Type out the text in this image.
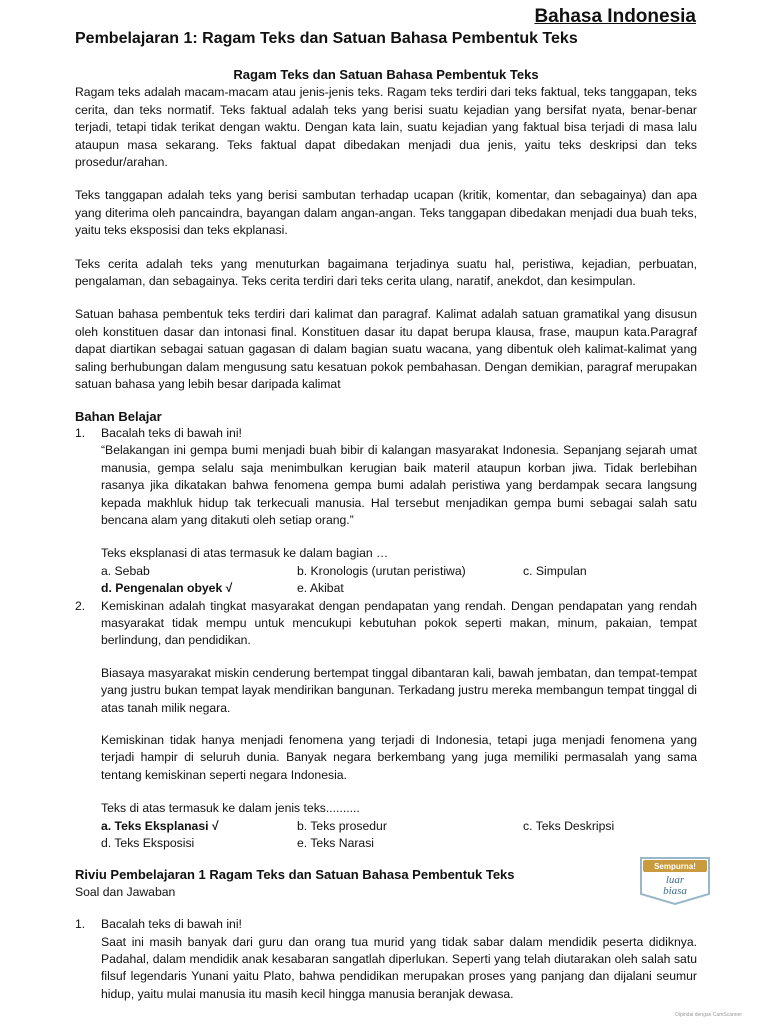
Bahasa Indonesia
Pembelajaran 1: Ragam Teks dan Satuan Bahasa Pembentuk Teks
Ragam Teks dan Satuan Bahasa Pembentuk Teks

Ragam teks adalah macam-macam atau jenis-jenis teks. Ragam teks terdiri dari teks faktual, teks tanggapan, teks cerita, dan teks normatif. Teks faktual adalah teks yang berisi suatu kejadian yang bersifat nyata, benar-benar terjadi, tetapi tidak terikat dengan waktu. Dengan kata lain, suatu kejadian yang faktual bisa terjadi di masa lalu ataupun masa sekarang. Teks faktual dapat dibedakan menjadi dua jenis, yaitu teks deskripsi dan teks prosedur/arahan.

Teks tanggapan adalah teks yang berisi sambutan terhadap ucapan (kritik, komentar, dan sebagainya) dan apa yang diterima oleh pancaindra, bayangan dalam angan-angan. Teks tanggapan dibedakan menjadi dua buah teks, yaitu teks eksposisi dan teks ekplanasi.

Teks cerita adalah teks yang menuturkan bagaimana terjadinya suatu hal, peristiwa, kejadian, perbuatan, pengalaman, dan sebagainya. Teks cerita terdiri dari teks cerita ulang, naratif, anekdot, dan kesimpulan.

Satuan bahasa pembentuk teks terdiri dari kalimat dan paragraf. Kalimat adalah satuan gramatikal yang disusun oleh konstituen dasar dan intonasi final. Konstituen dasar itu dapat berupa klausa, frase, maupun kata.Paragraf dapat diartikan sebagai satuan gagasan di dalam bagian suatu wacana, yang dibentuk oleh kalimat-kalimat yang saling berhubungan dalam mengusung satu kesatuan pokok pembahasan. Dengan demikian, paragraf merupakan satuan bahasa yang lebih besar daripada kalimat

Bahan Belajar
1. Bacalah teks di bawah ini!

“Belakangan ini gempa bumi menjadi buah bibir di kalangan masyarakat Indonesia. Sepanjang sejarah umat manusia, gempa selalu saja menimbulkan kerugian baik materil ataupun korban jiwa. Tidak berlebihan rasanya jika dikatakan bahwa fenomena gempa bumi adalah peristiwa yang berdampak secara langsung kepada makhluk hidup tak terkecuali manusia. Hal tersebut menjadikan gempa bumi sebagai salah satu bencana alam yang ditakuti oleh setiap orang.”

Teks eksplanasi di atas termasuk ke dalam bagian …

a. Sebab	b. Kronologis (urutan peristiwa)	c. Simpulan
d. Pengenalan obyek √	e. Akibat
2. Kemiskinan adalah tingkat masyarakat dengan pendapatan yang rendah. Dengan pendapatan yang rendah masyarakat tidak mempu untuk mencukupi kebutuhan pokok seperti makan, minum, pakaian, tempat berlindung, dan pendidikan.

Biasaya masyarakat miskin cenderung bertempat tinggal dibantaran kali, bawah jembatan, dan tempat-tempat yang justru bukan tempat layak mendirikan bangunan. Terkadang justru mereka membangun tempat tinggal di atas tanah milik negara.

Kemiskinan tidak hanya menjadi fenomena yang terjadi di Indonesia, tetapi juga menjadi fenomena yang terjadi hampir di seluruh dunia. Banyak negara berkembang yang juga memiliki permasalah yang sama tentang kemiskinan seperti negara Indonesia.

Teks di atas termasuk ke dalam jenis teks..........

a. Teks Eksplanasi √	b. Teks prosedur	c. Teks Deskripsi
d. Teks Eksposisi	e. Teks Narasi
Riviu Pembelajaran 1 Ragam Teks dan Satuan Bahasa Pembentuk Teks
Soal dan Jawaban
Sempurna!
luar
biasa
1. Bacalah teks di bawah ini!

Saat ini masih banyak dari guru dan orang tua murid yang tidak sabar dalam mendidik peserta didiknya. Padahal, dalam mendidik anak kesabaran sangatlah diperlukan. Seperti yang telah diutarakan oleh salah satu filsuf legendaris Yunani yaitu Plato, bahwa pendidikan merupakan proses yang panjang dan dijalani seumur hidup, yaitu mulai manusia itu masih kecil hingga manusia beranjak dewasa.

Dipindai dengan CamScanner
